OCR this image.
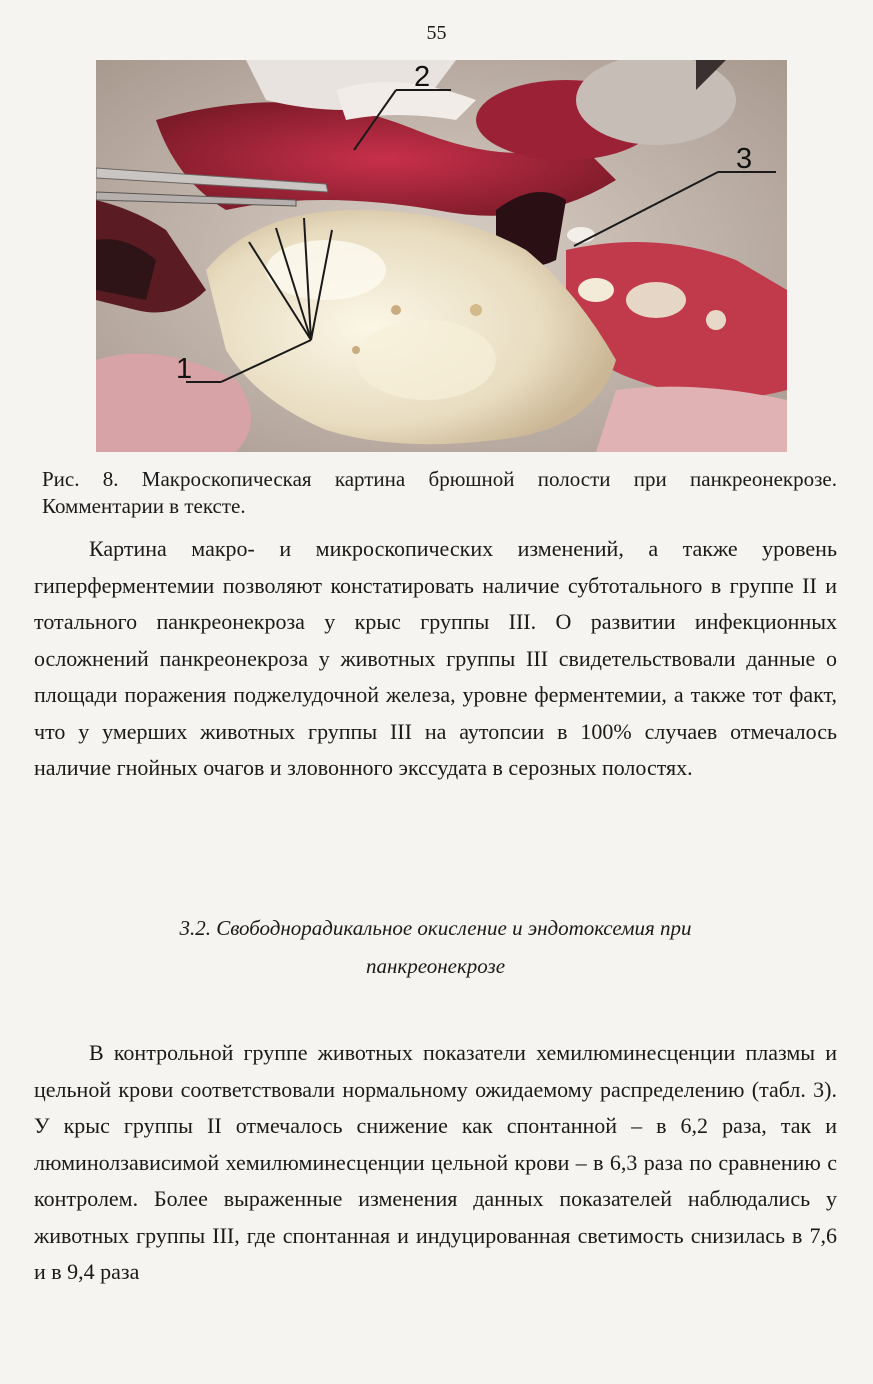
55
1
2
3
Рис. 8. Макроскопическая картина брюшной полости при панкреонекрозе. Комментарии в тексте.

Картина макро- и микроскопических изменений, а также уровень гиперферментемии позволяют констатировать наличие субтотального в группе II и тотального панкреонекроза у крыс группы III. О развитии инфекционных осложнений панкреонекроза у животных группы III свидетельствовали данные о площади поражения поджелудочной железа, уровне ферментемии, а также тот факт, что у умерших животных группы III на аутопсии в 100% случаев отмечалось наличие гнойных очагов и зловонного экссудата в серозных полостях.

3.2. Свободнорадикальное окисление и эндотоксемия при
панкреонекрозе

В контрольной группе животных показатели хемилюминесценции плазмы и цельной крови соответствовали нормальному ожидаемому распределению (табл. 3). У крыс группы II отмечалось снижение как спонтанной – в 6,2 раза, так и люминолзависимой хемилюминесценции цельной крови – в 6,3 раза по сравнению с контролем. Более выраженные изменения данных показателей наблюдались у животных группы III, где спонтанная и индуцированная светимость снизилась в 7,6 и в 9,4 раза
